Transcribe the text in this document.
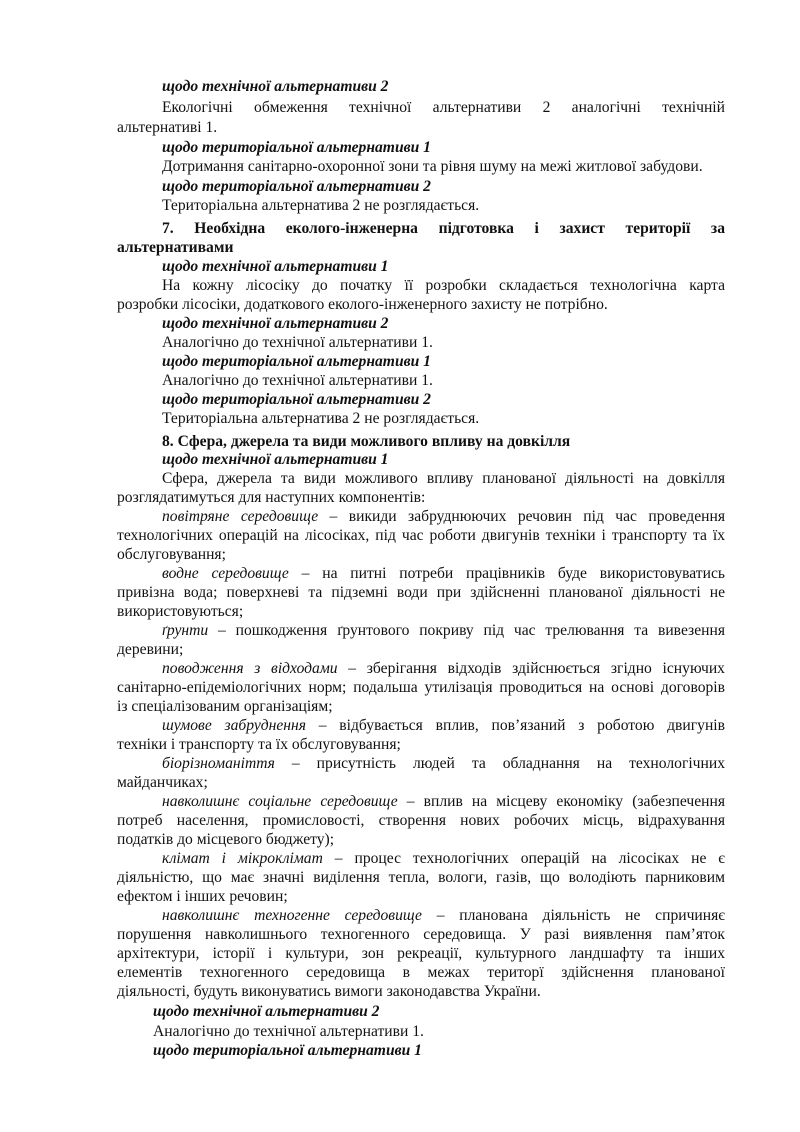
щодо технічної альтернативи 2
Екологічні обмеження технічної альтернативи 2 аналогічні технічній
альтернативі 1.
щодо територіальної альтернативи 1
Дотримання санітарно-охоронної зони та рівня шуму на межі житлової забудови.
щодо територіальної альтернативи 2
Територіальна альтернатива 2 не розглядається.
7. Необхідна еколого-інженерна підготовка і захист території за
альтернативами
щодо технічної альтернативи 1
На кожну лісосіку до початку її розробки складається технологічна карта
розробки лісосіки, додаткового еколого-інженерного захисту не потрібно.
щодо технічної альтернативи 2
Аналогічно до технічної альтернативи 1.
щодо територіальної альтернативи 1
Аналогічно до технічної альтернативи 1.
щодо територіальної альтернативи 2
Територіальна альтернатива 2 не розглядається.
8. Сфера, джерела та види можливого впливу на довкілля
щодо технічної альтернативи 1
Сфера, джерела та види можливого впливу планованої діяльності на довкілля
розглядатимуться для наступних компонентів:
повітряне середовище – викиди забруднюючих речовин під час проведення
технологічних операцій на лісосіках, під час роботи двигунів техніки і транспорту та їх
обслуговування;
водне середовище – на питні потреби працівників буде використовуватись
привізна вода; поверхневі та підземні води при здійсненні планованої діяльності не
використовуються;
ґрунти – пошкодження ґрунтового покриву під час трелювання та вивезення
деревини;
поводження з відходами – зберігання відходів здійснюється згідно існуючих
санітарно-епідеміологічних норм; подальша утилізація проводиться на основі договорів
із спеціалізованим організаціям;
шумове забруднення – відбувається вплив, пов’язаний з роботою двигунів
техніки і транспорту та їх обслуговування;
біорізноманіття – присутність людей та обладнання на технологічних
майданчиках;
навколишнє соціальне середовище – вплив на місцеву економіку (забезпечення
потреб населення, промисловості, створення нових робочих місць, відрахування
податків до місцевого бюджету);
клімат і мікроклімат – процес технологічних операцій на лісосіках не є
діяльністю, що має значні виділення тепла, вологи, газів, що володіють парниковим
ефектом і інших речовин;
навколишнє техногенне середовище – планована діяльність не спричиняє
порушення навколишнього техногенного середовища. У разі виявлення пам’яток
архітектури, історії і культури, зон рекреації, культурного ландшафту та інших
елементів техногенного середовища в межах територї здійснення планованої
діяльності, будуть виконуватись вимоги законодавства України.
щодо технічної альтернативи 2
Аналогічно до технічної альтернативи 1.
щодо територіальної альтернативи 1
